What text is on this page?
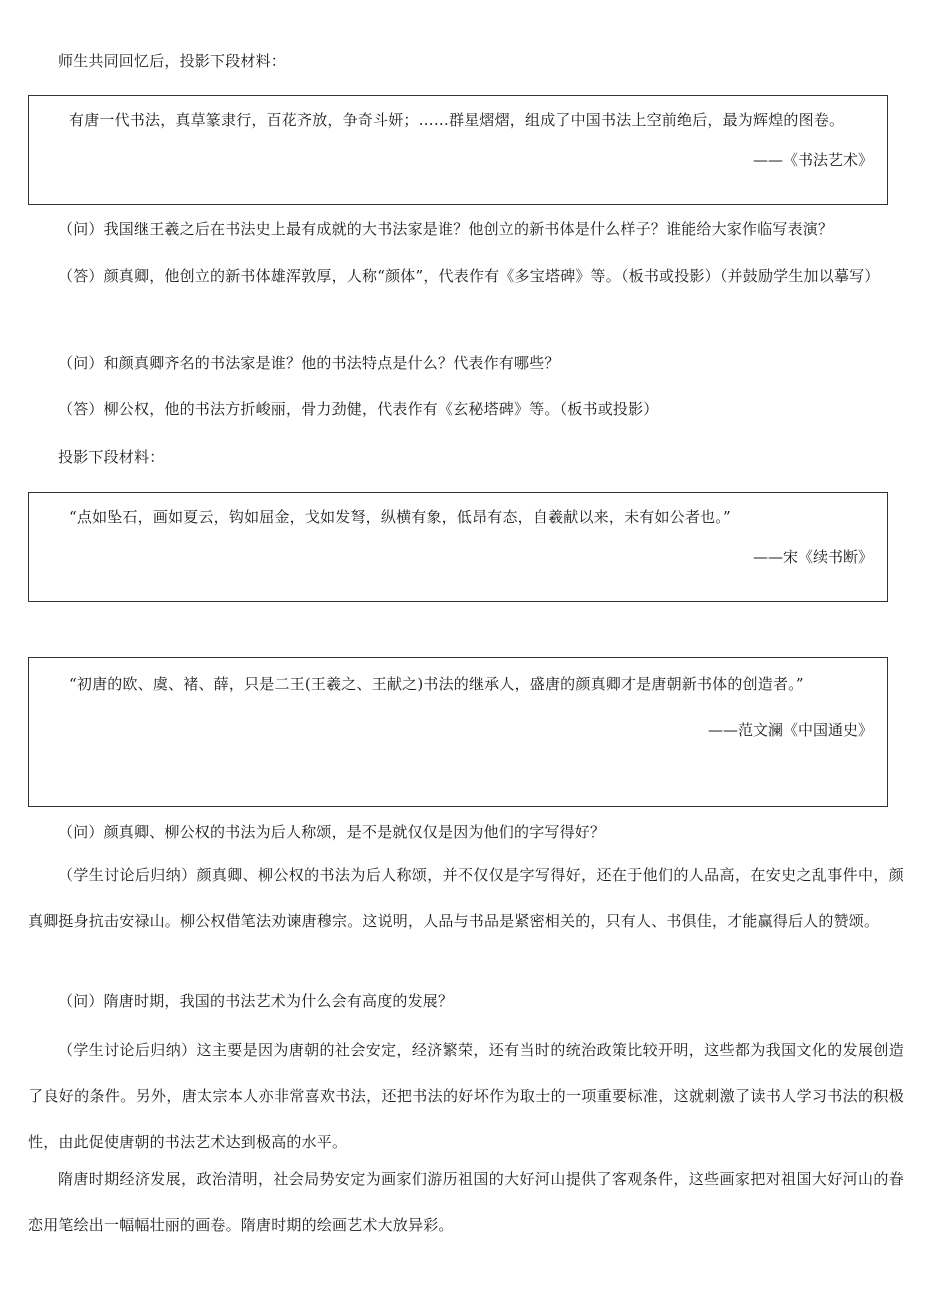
师生共同回忆后，投影下段材料：

有唐一代书法，真草篆隶行，百花齐放，争奇斗妍；……群星熠熠，组成了中国书法上空前绝后，最为辉煌的图卷。

——《书法艺术》

（问）我国继王羲之后在书法史上最有成就的大书法家是谁？他创立的新书体是什么样子？谁能给大家作临写表演？

（答）颜真卿，他创立的新书体雄浑敦厚，人称“颜体”，代表作有《多宝塔碑》等。（板书或投影）（并鼓励学生加以摹写）

（问）和颜真卿齐名的书法家是谁？他的书法特点是什么？代表作有哪些？

（答）柳公权，他的书法方折峻丽，骨力劲健，代表作有《玄秘塔碑》等。（板书或投影）

投影下段材料：

“点如坠石，画如夏云，钩如屈金，戈如发弩，纵横有象，低昂有态，自羲献以来，未有如公者也。”

——宋《续书断》

“初唐的欧、虞、褚、薛，只是二王(王羲之、王献之)书法的继承人，盛唐的颜真卿才是唐朝新书体的创造者。”

——范文澜《中国通史》

（问）颜真卿、柳公权的书法为后人称颂，是不是就仅仅是因为他们的字写得好？

（学生讨论后归纳）颜真卿、柳公权的书法为后人称颂，并不仅仅是字写得好，还在于他们的人品高，在安史之乱事件中，颜真卿挺身抗击安禄山。柳公权借笔法劝谏唐穆宗。这说明，人品与书品是紧密相关的，只有人、书俱佳，才能赢得后人的赞颂。

（问）隋唐时期，我国的书法艺术为什么会有高度的发展？

（学生讨论后归纳）这主要是因为唐朝的社会安定，经济繁荣，还有当时的统治政策比较开明，这些都为我国文化的发展创造了良好的条件。另外，唐太宗本人亦非常喜欢书法，还把书法的好坏作为取士的一项重要标准，这就刺激了读书人学习书法的积极性，由此促使唐朝的书法艺术达到极高的水平。

隋唐时期经济发展，政治清明，社会局势安定为画家们游历祖国的大好河山提供了客观条件，这些画家把对祖国大好河山的眷恋用笔绘出一幅幅壮丽的画卷。隋唐时期的绘画艺术大放异彩。
